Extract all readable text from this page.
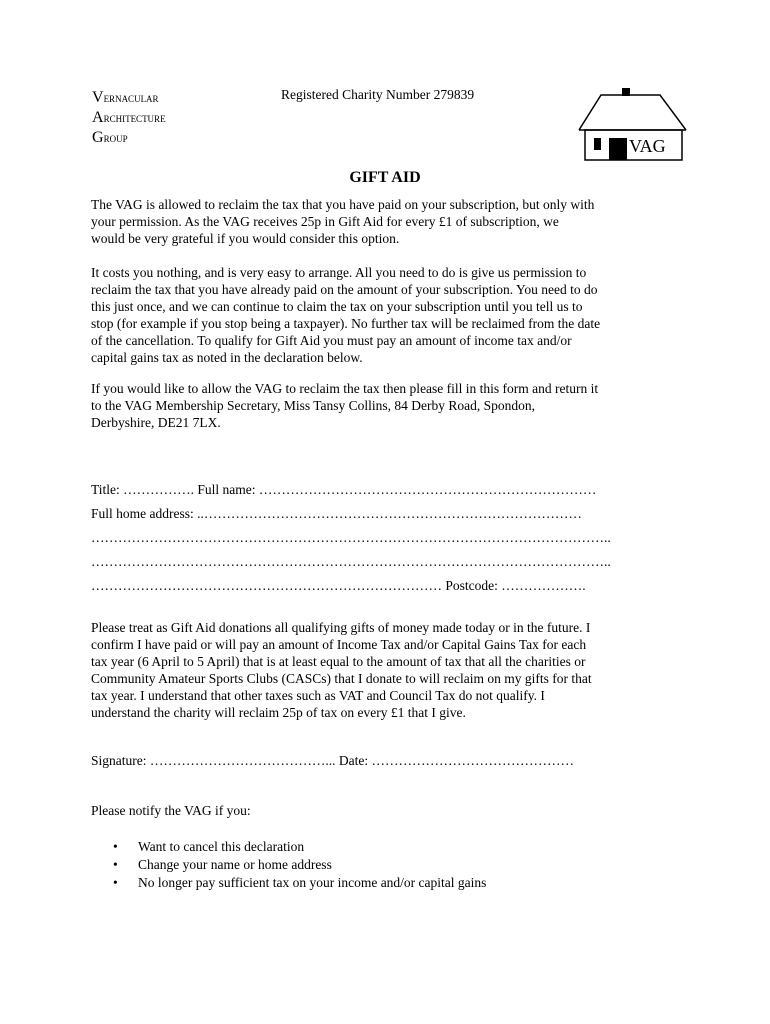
Vernacular
Architecture
Group
Registered Charity Number 279839
VAG
GIFT AID
The VAG is allowed to reclaim the tax that you have paid on your subscription, but only with
your permission. As the VAG receives 25p in Gift Aid for every £1 of subscription, we
would be very grateful if you would consider this option.
It costs you nothing, and is very easy to arrange. All you need to do is give us permission to
reclaim the tax that you have already paid on the amount of your subscription. You need to do
this just once, and we can continue to claim the tax on your subscription until you tell us to
stop (for example if you stop being a taxpayer). No further tax will be reclaimed from the date
of the cancellation. To qualify for Gift Aid you must pay an amount of income tax and/or
capital gains tax as noted in the declaration below.
If you would like to allow the VAG to reclaim the tax then please fill in this form and return it
to the VAG Membership Secretary, Miss Tansy Collins, 84 Derby Road, Spondon,
Derbyshire, DE21 7LX.
Title: ……………. Full name: …………………………………………………………………
Full home address: ..…………………………………………………………………………
……………………………………………………………………………………………………..
……………………………………………………………………………………………………..
…………………………………………………………………… Postcode: ……………….
Please treat as Gift Aid donations all qualifying gifts of money made today or in the future. I
confirm I have paid or will pay an amount of Income Tax and/or Capital Gains Tax for each
tax year (6 April to 5 April) that is at least equal to the amount of tax that all the charities or
Community Amateur Sports Clubs (CASCs) that I donate to will reclaim on my gifts for that
tax year. I understand that other taxes such as VAT and Council Tax do not qualify. I
understand the charity will reclaim 25p of tax on every £1 that I give.
Signature: …………………………………... Date: ………………………………………
Please notify the VAG if you:
•	Want to cancel this declaration
•	Change your name or home address
•	No longer pay sufficient tax on your income and/or capital gains
